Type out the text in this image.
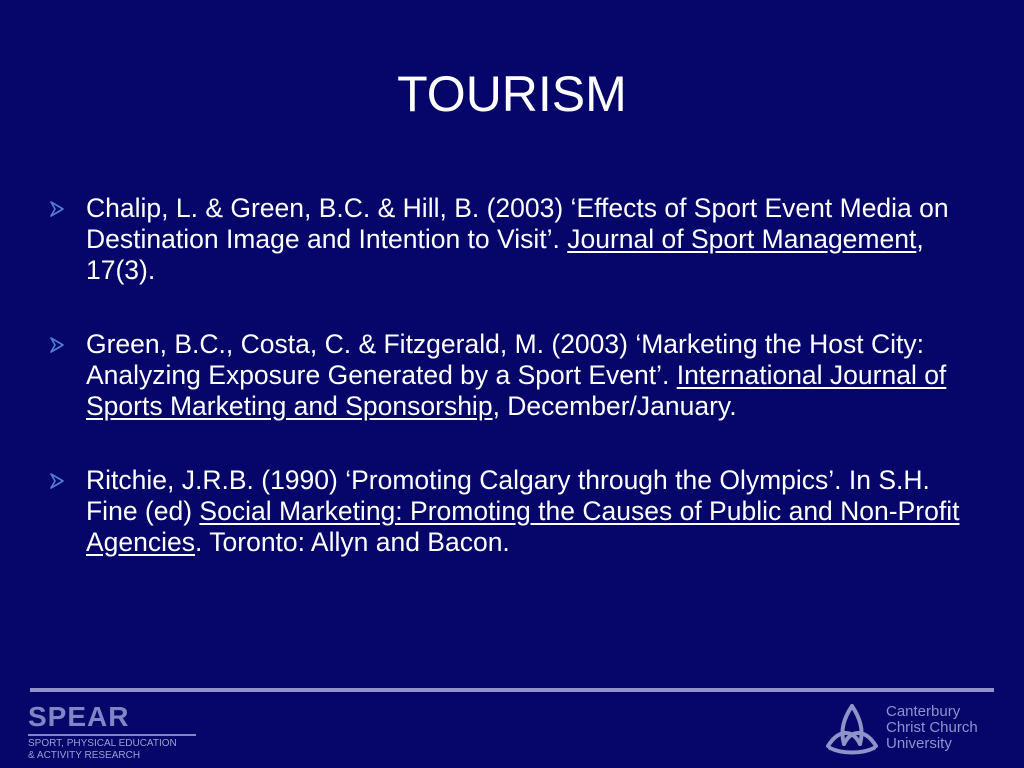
TOURISM
Chalip, L. & Green, B.C. & Hill, B. (2003) ‘Effects of Sport Event Media on Destination Image and Intention to Visit’. Journal of Sport Management, 17(3).
Green, B.C., Costa, C. & Fitzgerald, M. (2003) ‘Marketing the Host City: Analyzing Exposure Generated by a Sport Event’. International Journal of Sports Marketing and Sponsorship, December/January.
Ritchie, J.R.B. (1990) ‘Promoting Calgary through the Olympics’. In S.H. Fine (ed) Social Marketing: Promoting the Causes of Public and Non-Profit Agencies. Toronto: Allyn and Bacon.
SPEAR
SPORT, PHYSICAL EDUCATION
& ACTIVITY RESEARCH
Canterbury
Christ Church
University
